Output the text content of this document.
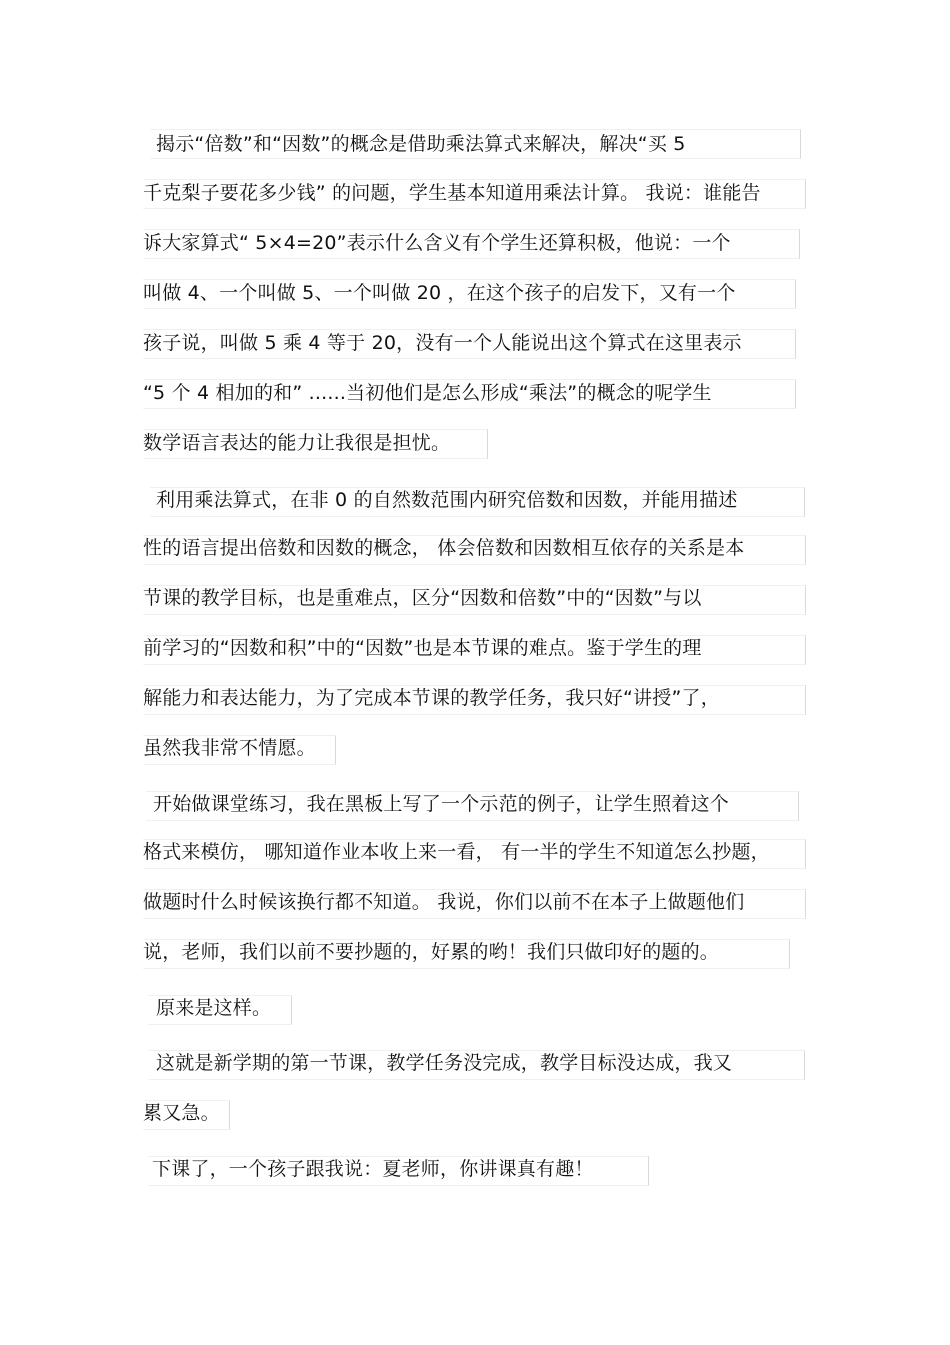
揭示“倍数”和“因数”的概念是借助乘法算式来解决，解决“买 5
千克梨子要花多少钱” 的问题，学生基本知道用乘法计算。 我说：谁能告
诉大家算式“ 5×4=20”表示什么含义有个学生还算积极，他说：一个
叫做 4、一个叫做 5、一个叫做 20 ，在这个孩子的启发下，又有一个
孩子说，叫做 5 乘 4 等于 20，没有一个人能说出这个算式在这里表示
“5 个 4 相加的和” ......当初他们是怎么形成“乘法”的概念的呢学生
数学语言表达的能力让我很是担忧。
利用乘法算式，在非 0 的自然数范围内研究倍数和因数，并能用描述
性的语言提出倍数和因数的概念， 体会倍数和因数相互依存的关系是本
节课的教学目标，也是重难点，区分“因数和倍数”中的“因数”与以
前学习的“因数和积”中的“因数”也是本节课的难点。鉴于学生的理
解能力和表达能力，为了完成本节课的教学任务，我只好“讲授”了，
虽然我非常不情愿。
开始做课堂练习，我在黑板上写了一个示范的例子，让学生照着这个
格式来模仿， 哪知道作业本收上来一看， 有一半的学生不知道怎么抄题，
做题时什么时候该换行都不知道。 我说，你们以前不在本子上做题他们
说，老师，我们以前不要抄题的，好累的哟！我们只做印好的题的。
原来是这样。
这就是新学期的第一节课，教学任务没完成，教学目标没达成，我又
累又急。
下课了，一个孩子跟我说：夏老师，你讲课真有趣！
